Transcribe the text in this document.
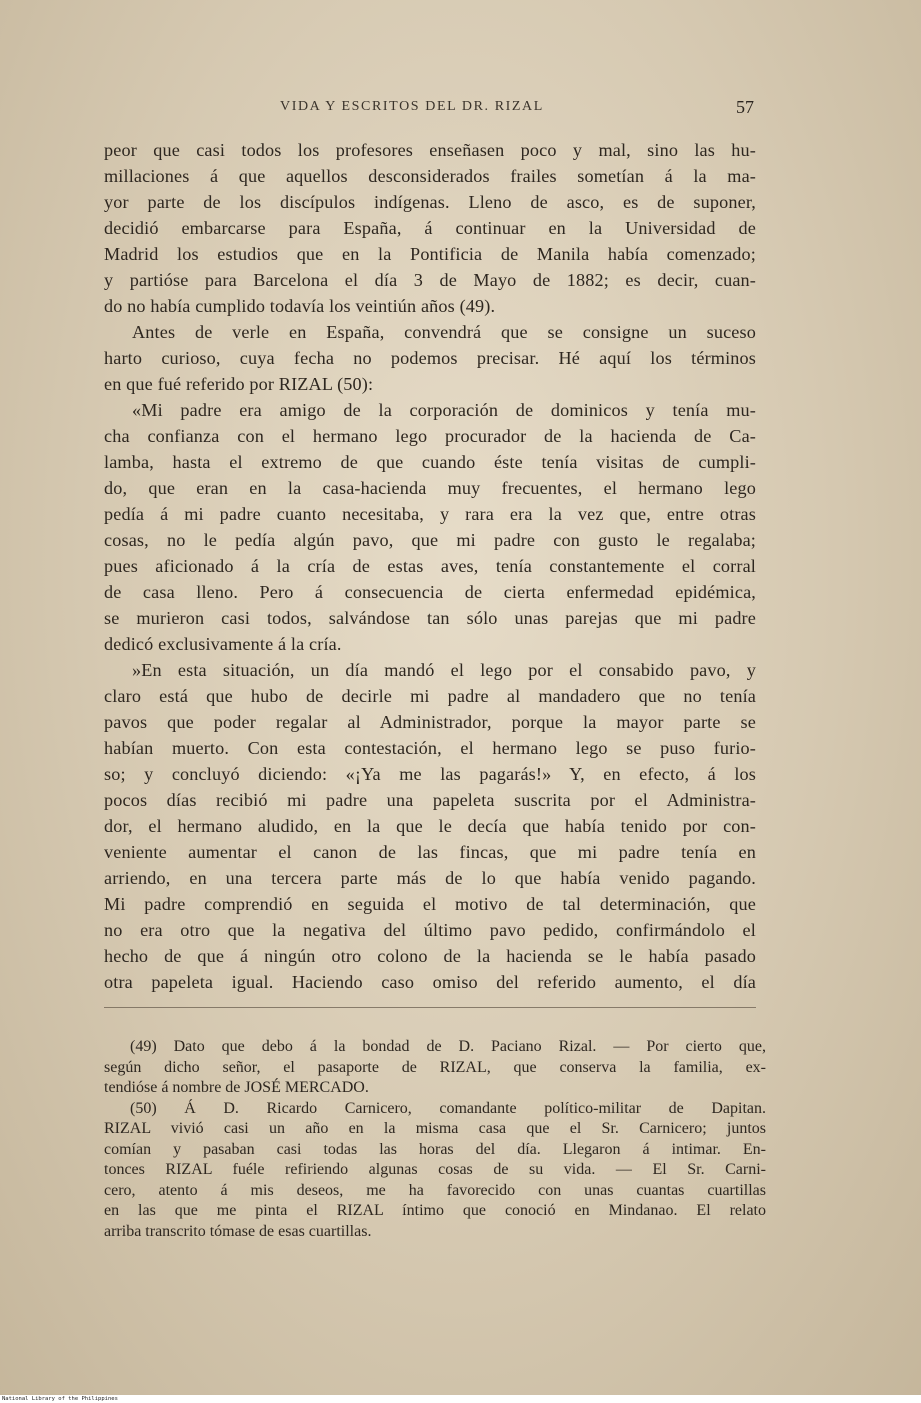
VIDA Y ESCRITOS DEL DR. RIZAL	57
peor que casi todos los profesores enseñasen poco y mal, sino las hu-
millaciones á que aquellos desconsiderados frailes sometían á la ma-
yor parte de los discípulos indígenas. Lleno de asco, es de suponer,
decidió embarcarse para España, á continuar en la Universidad de
Madrid los estudios que en la Pontificia de Manila había comenzado;
y partióse para Barcelona el día 3 de Mayo de 1882; es decir, cuan-
do no había cumplido todavía los veintiún años (49).
Antes de verle en España, convendrá que se consigne un suceso
harto curioso, cuya fecha no podemos precisar. Hé aquí los términos
en que fué referido por RIZAL (50):
«Mi padre era amigo de la corporación de dominicos y tenía mu-
cha confianza con el hermano lego procurador de la hacienda de Ca-
lamba, hasta el extremo de que cuando éste tenía visitas de cumpli-
do, que eran en la casa-hacienda muy frecuentes, el hermano lego
pedía á mi padre cuanto necesitaba, y rara era la vez que, entre otras
cosas, no le pedía algún pavo, que mi padre con gusto le regalaba;
pues aficionado á la cría de estas aves, tenía constantemente el corral
de casa lleno. Pero á consecuencia de cierta enfermedad epidémica,
se murieron casi todos, salvándose tan sólo unas parejas que mi padre
dedicó exclusivamente á la cría.
»En esta situación, un día mandó el lego por el consabido pavo, y
claro está que hubo de decirle mi padre al mandadero que no tenía
pavos que poder regalar al Administrador, porque la mayor parte se
habían muerto. Con esta contestación, el hermano lego se puso furio-
so; y concluyó diciendo: «¡Ya me las pagarás!» Y, en efecto, á los
pocos días recibió mi padre una papeleta suscrita por el Administra-
dor, el hermano aludido, en la que le decía que había tenido por con-
veniente aumentar el canon de las fincas, que mi padre tenía en
arriendo, en una tercera parte más de lo que había venido pagando.
Mi padre comprendió en seguida el motivo de tal determinación, que
no era otro que la negativa del último pavo pedido, confirmándolo el
hecho de que á ningún otro colono de la hacienda se le había pasado
otra papeleta igual. Haciendo caso omiso del referido aumento, el día
(49) Dato que debo á la bondad de D. Paciano Rizal. — Por cierto que,
según dicho señor, el pasaporte de RIZAL, que conserva la familia, ex-
tendióse á nombre de JOSÉ MERCADO.
(50) Á D. Ricardo Carnicero, comandante político-militar de Dapitan.
RIZAL vivió casi un año en la misma casa que el Sr. Carnicero; juntos
comían y pasaban casi todas las horas del día. Llegaron á intimar. En-
tonces RIZAL fuéle refiriendo algunas cosas de su vida. — El Sr. Carni-
cero, atento á mis deseos, me ha favorecido con unas cuantas cuartillas
en las que me pinta el RIZAL íntimo que conoció en Mindanao. El relato
arriba transcrito tómase de esas cuartillas.
National Library of the Philippines
